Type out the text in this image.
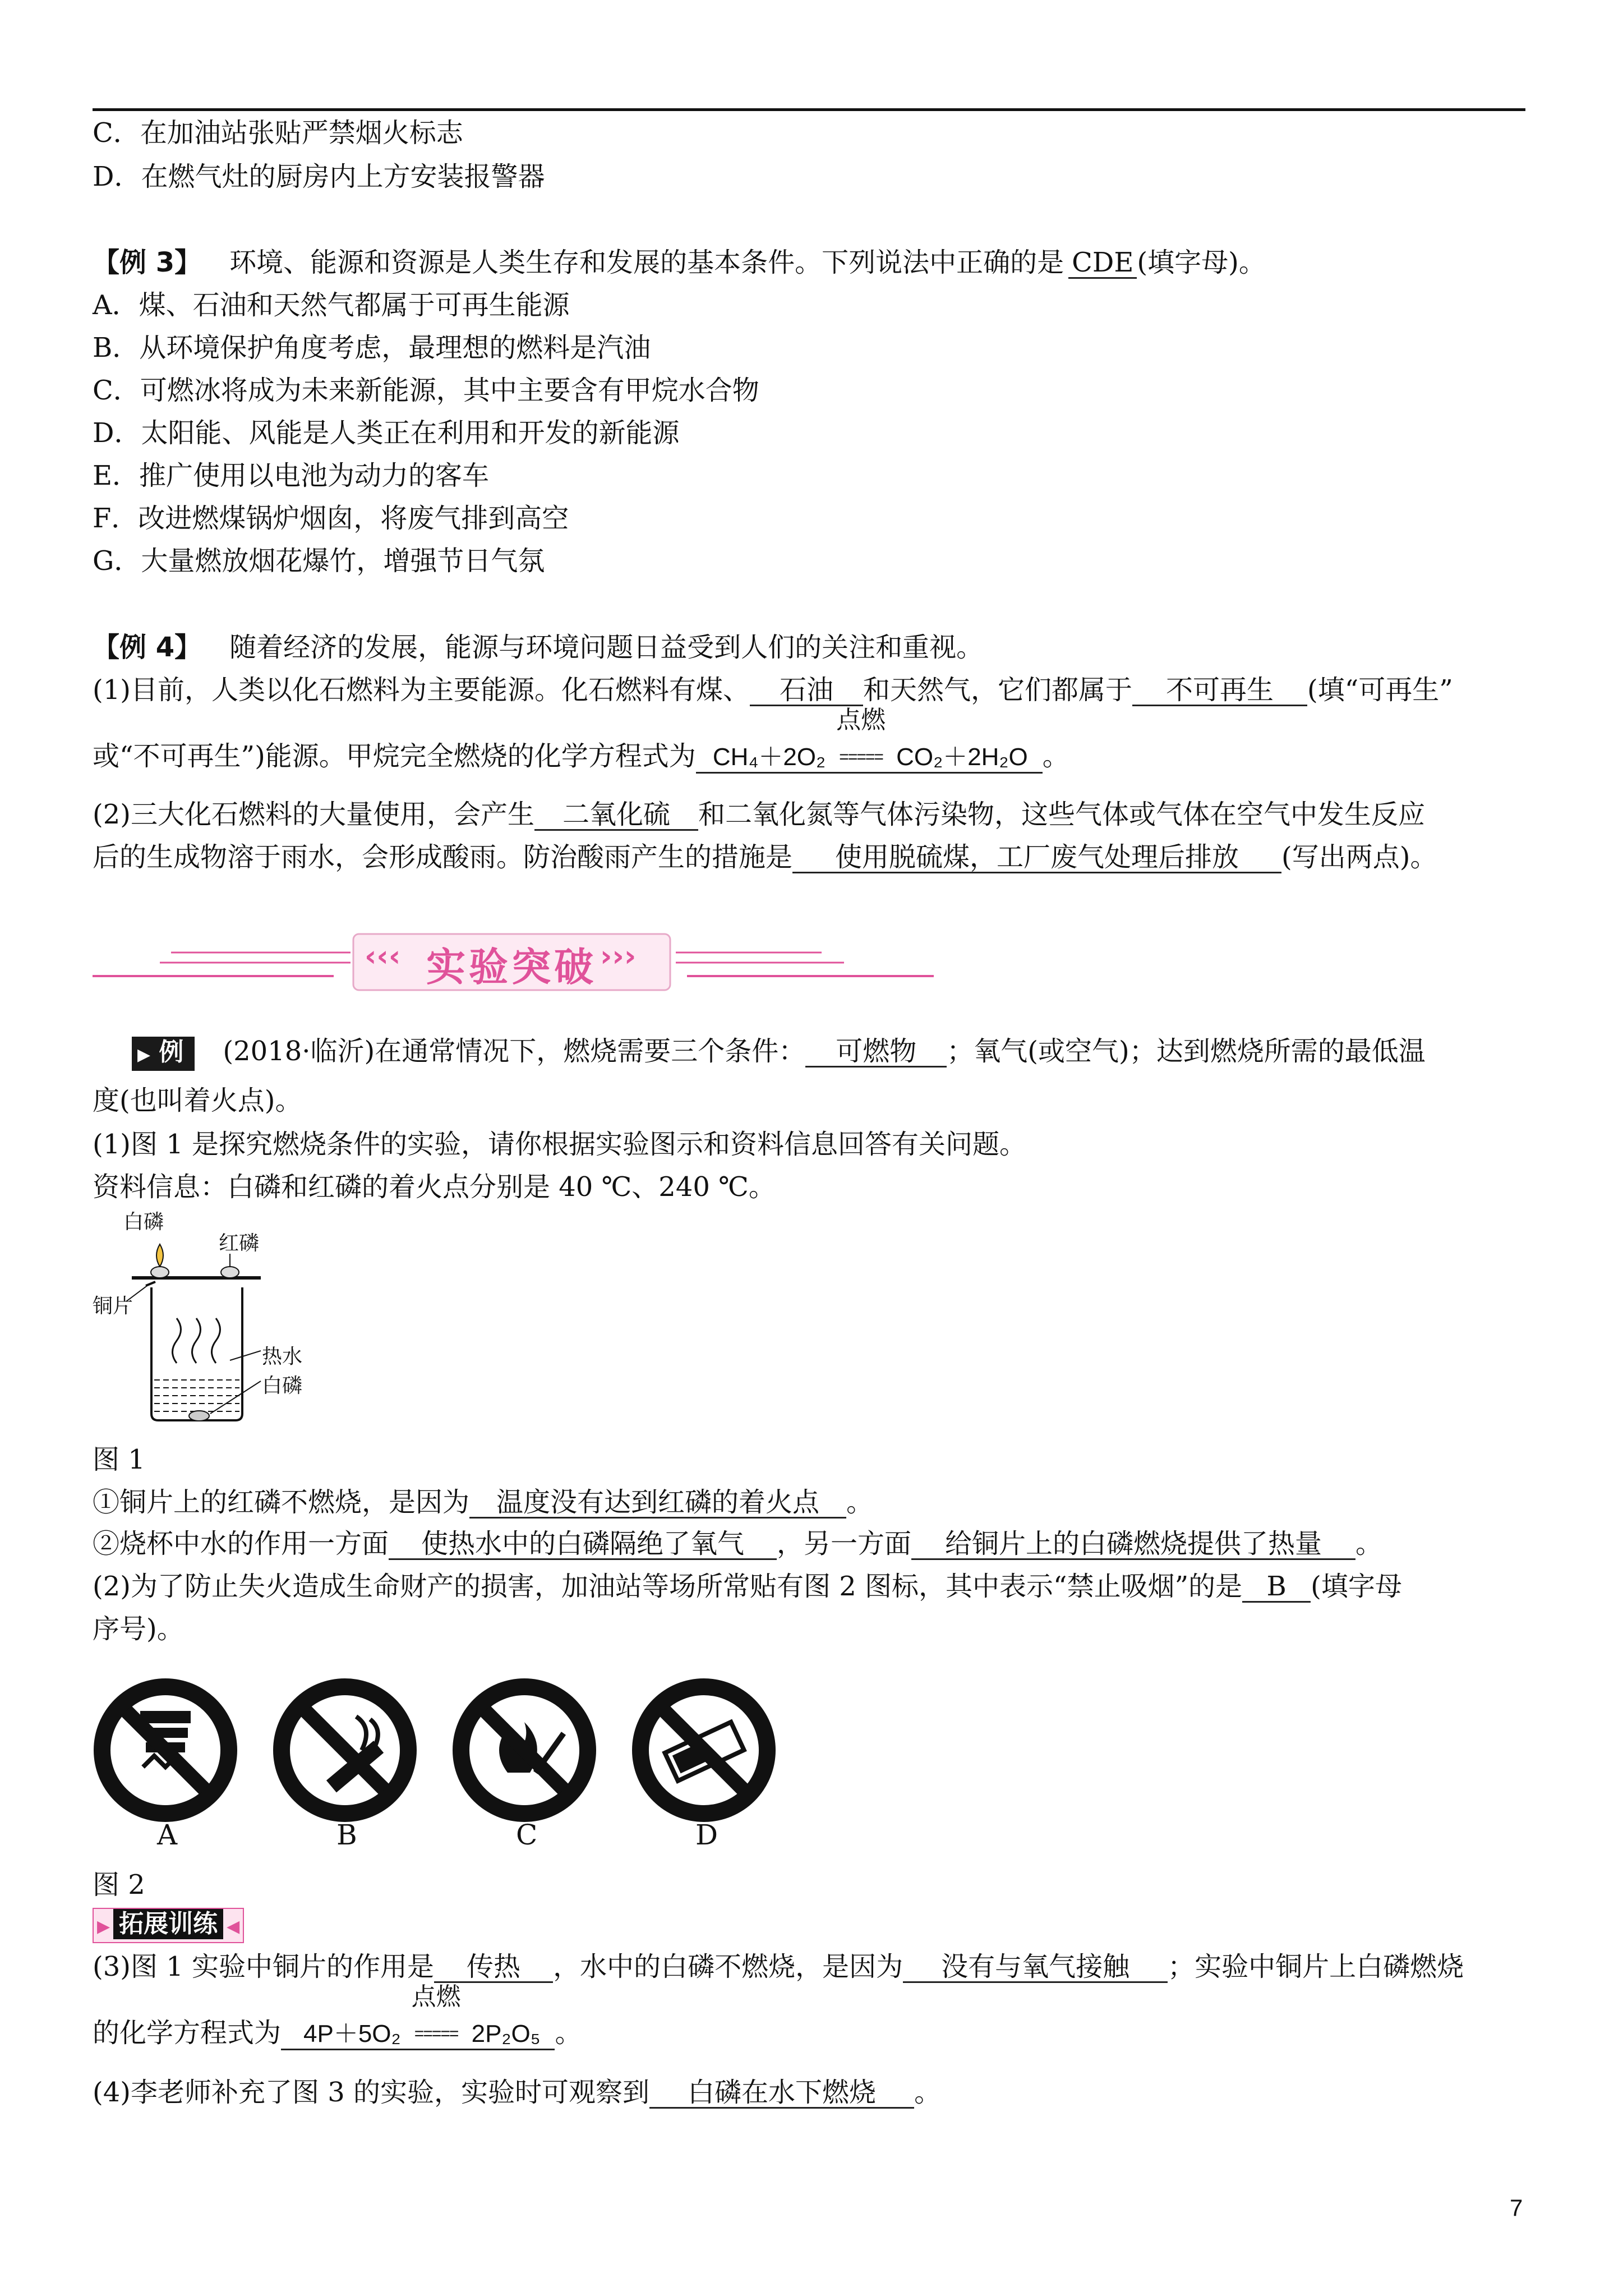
C．在加油站张贴严禁烟火标志
D．在燃气灶的厨房内上方安装报警器
【例 3】 环境、能源和资源是人类生存和发展的基本条件。下列说法中正确的是 CDE (填字母)。
A．煤、石油和天然气都属于可再生能源
B．从环境保护角度考虑，最理想的燃料是汽油
C．可燃冰将成为未来新能源，其中主要含有甲烷水合物
D．太阳能、风能是人类正在利用和开发的新能源
E．推广使用以电池为动力的客车
F．改进燃煤锅炉烟囱，将废气排到高空
G．大量燃放烟花爆竹，增强节日气氛
【例 4】 随着经济的发展，能源与环境问题日益受到人们的关注和重视。
(1)目前，人类以化石燃料为主要能源。化石燃料有煤、 石油 和天然气，它们都属于 不可再生 (填“可再生”
或“不可再生”)能源。甲烷完全燃烧的化学方程式为 CH₄＋2O₂
点燃
===== CO₂＋2H₂O 。
(2)三大化石燃料的大量使用，会产生 二氧化硫 和二氧化氮等气体污染物，这些气体或气体在空气中发生反应
后的生成物溶于雨水，会形成酸雨。防治酸雨产生的措施是 使用脱硫煤，工厂废气处理后排放 (写出两点)。
‹‹‹ 实验突破 ›››
▶ 例 (2018·临沂)在通常情况下，燃烧需要三个条件： 可燃物 ；氧气(或空气)；达到燃烧所需的最低温
度(也叫着火点)。
(1)图 1 是探究燃烧条件的实验，请你根据实验图示和资料信息回答有关问题。
资料信息：白磷和红磷的着火点分别是 40 ℃、240 ℃。
白磷
红磷
铜片
热水
白磷
图 1
①铜片上的红磷不燃烧，是因为 温度没有达到红磷的着火点 。
②烧杯中水的作用一方面 使热水中的白磷隔绝了氧气 ，另一方面 给铜片上的白磷燃烧提供了热量 。
(2)为了防止失火造成生命财产的损害，加油站等场所常贴有图 2 图标，其中表示“禁止吸烟”的是 B (填字母
序号)。
A	B	C	D
图 2
▶ 拓展训练 ◀
(3)图 1 实验中铜片的作用是 传热 ，水中的白磷不燃烧，是因为 没有与氧气接触 ；实验中铜片上白磷燃烧
的化学方程式为 4P＋5O₂
点燃
===== 2P₂O₅ 。
(4)李老师补充了图 3 的实验，实验时可观察到 白磷在水下燃烧 。
7
